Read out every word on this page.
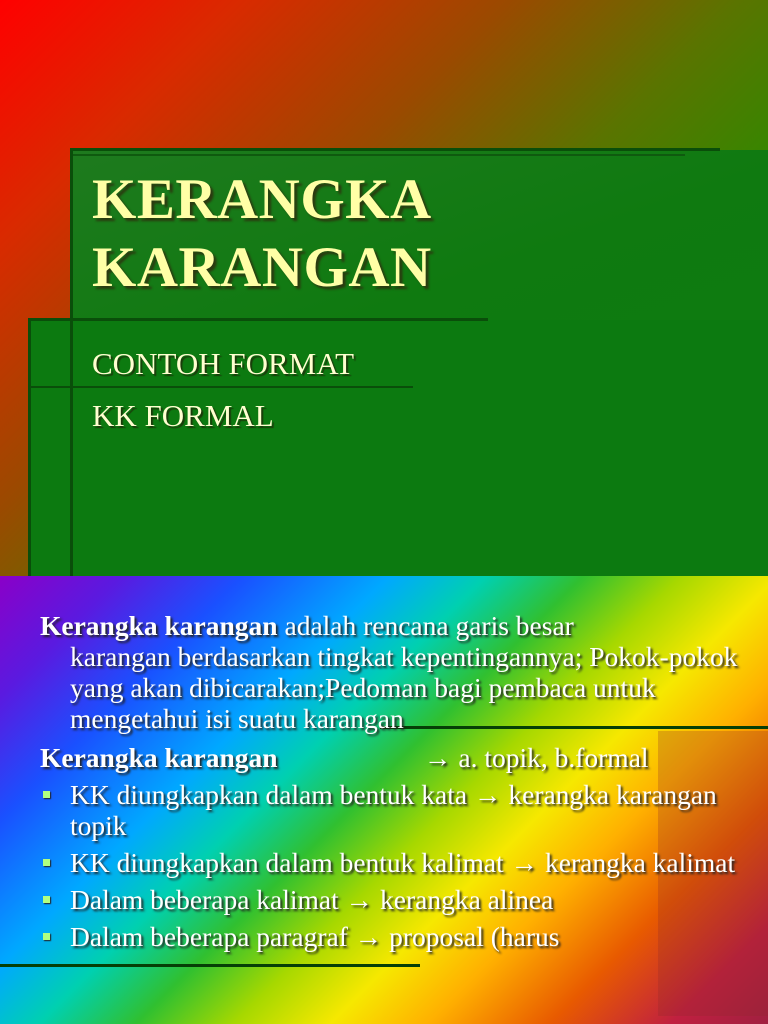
KERANGKA
KARANGAN
CONTOH FORMAT
KK FORMAL

Kerangka karangan adalah rencana garis besar
karangan berdasarkan tingkat kepentingannya; Pokok-pokok yang akan dibicarakan;Pedoman bagi pembaca untuk mengetahui isi suatu karangan

Kerangka karangan	→ a. topik, b.formal
KK diungkapkan dalam bentuk kata → kerangka karangan topik
KK diungkapkan dalam bentuk kalimat → kerangka kalimat
Dalam beberapa kalimat → kerangka alinea
Dalam beberapa paragraf → proposal (harus
